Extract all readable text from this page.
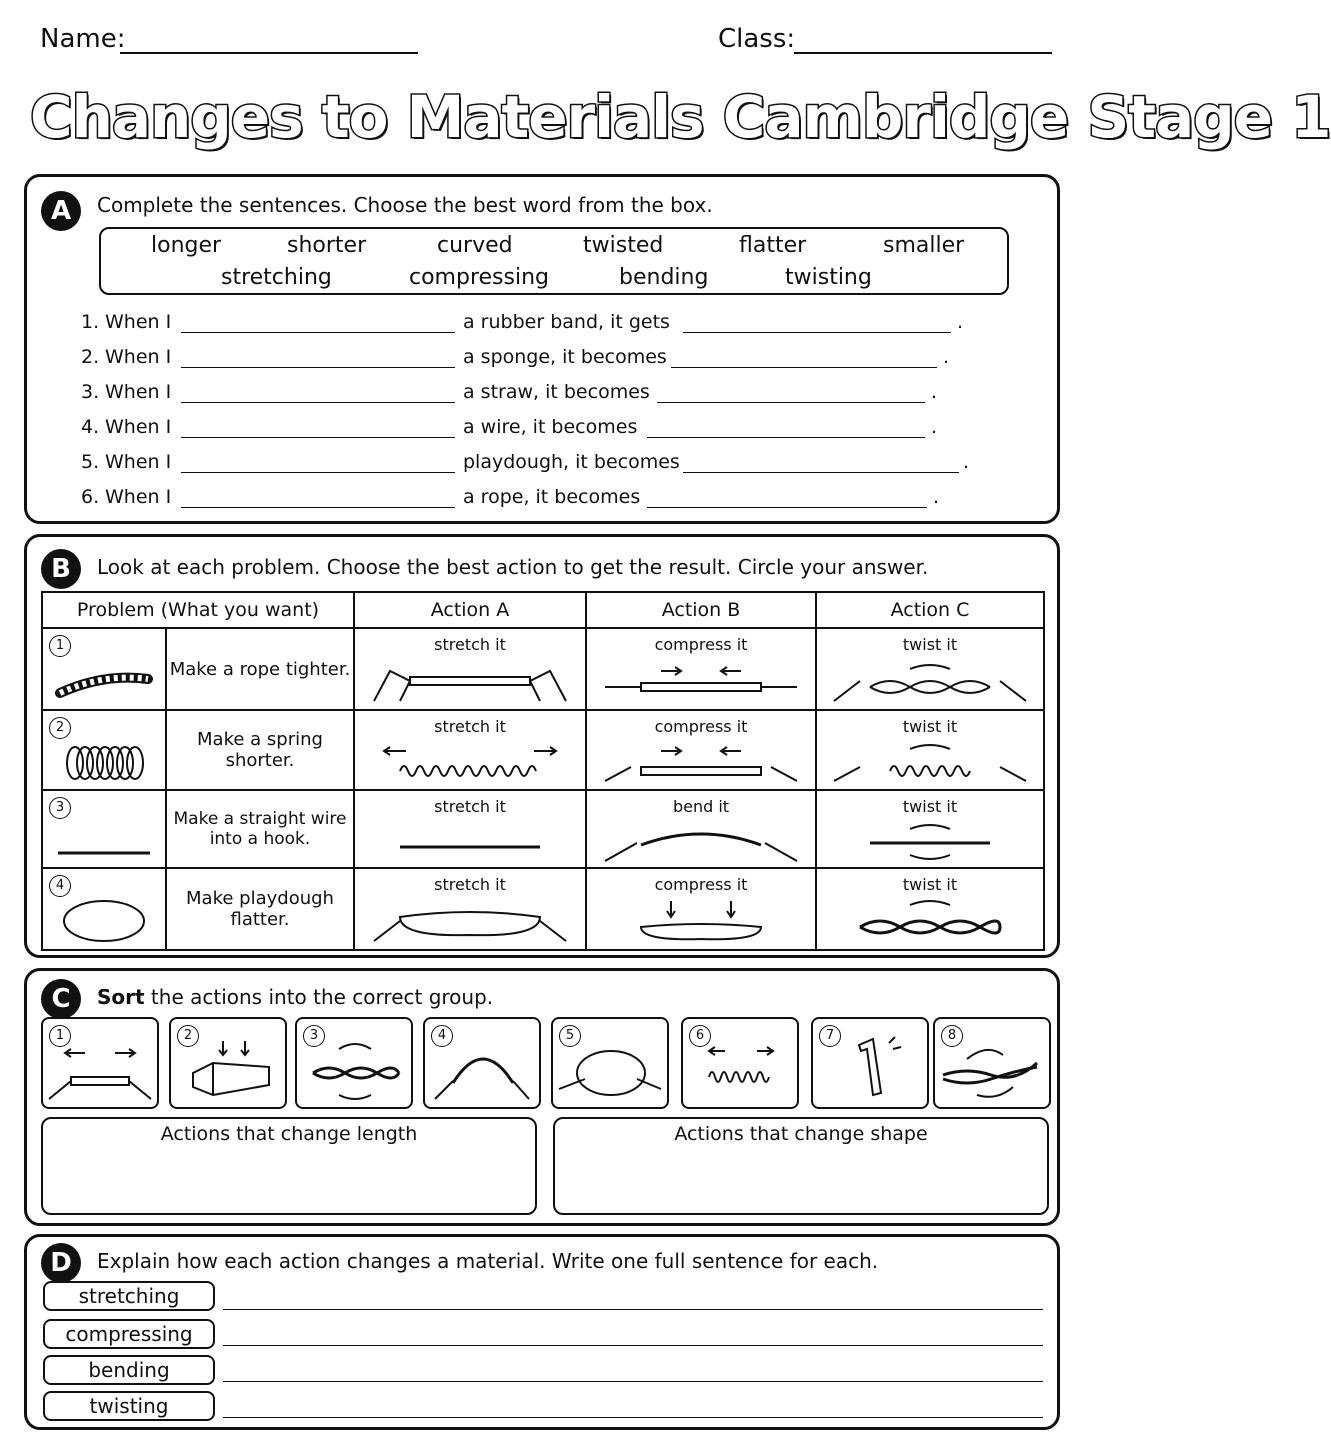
Name:	Class:
Changes to Materials Cambridge Stage 1
A	Complete the sentences. Choose the best word from the box.
longer	shorter	curved	twisted	flatter	smaller
stretching	compressing	bending	twisting
1. When I	a rubber band, it gets	.
2. When I	a sponge, it becomes	.
3. When I	a straw, it becomes	.
4. When I	a wire, it becomes	.
5. When I	playdough, it becomes	.
6. When I	a rope, it becomes	.
B	Look at each problem. Choose the best action to get the result. Circle your answer.
Problem (What you want)		Action A	Action B	Action C

1	Make a rope tighter.	stretch it	compress it	twist it

2	Make a spring shorter.	stretch it	compress it	twist it

3	Make a straight wire into a hook.	stretch it	bend it	twist it

4	Make playdough flatter.	stretch it	compress it	twist it
C	Sort the actions into the correct group.
1	2	3	4	5	6	7	8
Actions that change length	Actions that change shape
D	Explain how each action changes a material. Write one full sentence for each.
stretching
compressing
bending
twisting
